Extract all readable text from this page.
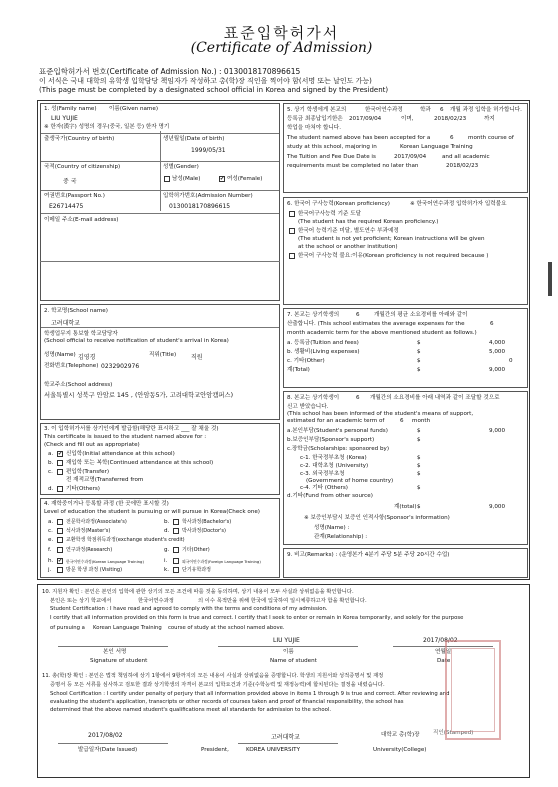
표준입학허가서
(Certificate of Admission)
표준입학허가서 번호(Certificate of Admission No.) : 0130018170896615
이 서식은 국내 대학의 유학생 입학담당 책임자가 작성하고 총(학)장 직인을 찍어야 함(서명 또는 날인도 가능)
(This page must be completed by a designated school official in Korea and signed by the President)
1. 성(Family name) 이름(Given name)
LIU YUJIE
※ 한자(漢字) 성명의 경우(중국, 일본 등) 한자 명기
출생국가(Country of birth)	생년월일(Date of birth)
1999/05/31
국적(Country of citizenship)	성별(Gender)
중 국	남성(Male)	✔ 여성(Female)
여권번호(Passport No.)	입학허가번호(Admission Number)
E26714475	0130018170896615
이메일 주소(E-mail address)
2. 학교명(School name)
고려대학교
학생업무지 통보할 학교담당자
(School official to receive notification of student's arrival in Korea)
성명(Name) 김영경	직위(Title) 직원
전화번호(Telephone) 0232902976
학교주소(School address)
서울특별시 성북구 안암로 145 , (안암동5가, 고려대학교안암캠퍼스)
3. 이 입학허가서를 상기인에게 발급함(해당란 표시하고 ___ 잘 채울 것)
This certificate is issued to the student named above for :
(Check and fill out as appropriate)
a. ✔ 신입학(Initial attendance at this school)
b. 재입학 또는 복학(Continued attendance at this school)
c. 편입학(Transfer)
전 재적교명(Transferred from
d. 기타(Others)
4. 재학중이거나 등록할 과정 (한 곳에만 표시할 것)
Level of education the student is pursuing or will pursue in Korea(Check one)
a.	전문학사과정(Associate's)	b.	학사과정(Bachelor's)
c.	석사과정(Master's)	d.	박사과정(Doctor's)
e.	교환학생 학점취득과정(exchange student's credit)
f.	연구과정(Research)	g.	기타(Other)
h. ✔ 한국어연수과정(Korean Language Training)	i.	외국어연수과정(Foreign Language Training)
j.	방문 학생 과정 (Visiting)	k.	단기유학과정
5. 상기 학생에게 본교의	한국어연수과정	학과 6 개월 과정 입학을 허가합니다.
등록금 최종납입기한은 2017/09/04	이며,	2018/02/23	까지
학업을 마쳐야 합니다.
The student named above has been accepted for a	6	month course of
study at this school, majoring in	Korean Language Training
The Tuition and Fee Due Date is	2017/09/04	and all academic
requirements must be completed no later than	2018/02/23
6. 한국어 구사능력(Korean proficiency)	※ 한국어연수과정 입학허가자 입력불요
한국어구사능력 기준 도달
(The student has the required Korean proficiency.)
한국어 능력기준 미달, 별도연수 부과예정
(The student is not yet proficient; Korean instructions will be given
at the school or another institution)
한국어 구사능력 불요:이유(Korean proficiency is not required because )
7. 본교는 상기학생의	6	개월간의 평균 소요경비를 아래와 같이
산출합니다. (This school estimates the average expenses for the	6
month academic term for the above mentioned student as follows.)
a. 등록금(Tuition and fees)	$	4,000
b. 생활비(Living expenses)	$	5,000
c. 기타(Other)	$	0
계(Total)	$	9,000
8. 본교는 상기학생이	6 개월간의 소요경비를 아래 내역과 같이 조달할 것으로
신고 받았습니다.
(This school has been informed of the student's means of support,
estimated for an academic term of	6 month
a.본인부담(Student's personal funds)	$	9,000
b.보증인부담(Sponsor's support)	$
c.장학금(Scholarships: sponsored by)
c-1. 한국정부초청 (Korea)	$
c-2. 대학초청 (University)	$
c-3. 외국정부초청	$
(Government of home country)
c-4. 기타 (Others)	$
d.기타(Fund from other source)
계(total) $	9,000
※ 보증인부담시 보증인 인적사항(Sponsor's information)
성명(Name) :
관계(Relationship) :
9. 비고(Remarks) : (운영본가 4분기 주당 5분 주당 20시간 수업)
10. 지원자 확인 : 본인은 본인의 입학에 관한 상기의 모든 조건에 따를 것을 동의하며, 상기 내용이 모두 사실과 상위없음을 확인합니다.
본인은 또는 상기 학교에서	한국어연수과정	의 이수 목적만을 위해 한국에 입국하여 일시체류하고자 함을 확인합니다.
Student Certification : I have read and agreed to comply with the terms and conditions of my admission.
I certify that all information provided on this form is true and correct. I certify that I seek to enter or remain in Korea temporarily, and solely for the purpose
of pursuing a Korean Language Training course of study at the school named above.
LIU YUJIE	2017/08/02
본인 서명	이름	연월일
Signature of student	Name of student	Date
11. 총(학)장 확인 : 본인은 법적 책임하에 상기 1항에서 9항까지의 모든 내용이 사실과 상위없음을 증명합니다. 학생의 지원서와 성적증명서 및 재정
증명서 등 모든 서류를 심사하고 검토한 결과 상기학생의 자격이 본교의 입학요건과 기준(수학능력 및 재정능력)에 합치된다는 결정을 내렸습니다.
School Certification : I certify under penalty of perjury that all information provided above in items 1 through 9 is true and correct. After reviewing and
evaluating the student's application, transcripts or other records of courses taken and proof of financial responsibility, the school has
determined that the above named student's qualifications meet all standards for admission to the school.
2017/08/02	고려대학교	대학교 총(학)장
발급일자(Date Issued)	President,	KOREA UNIVERSITY	University(College)
직인(Stamped)
